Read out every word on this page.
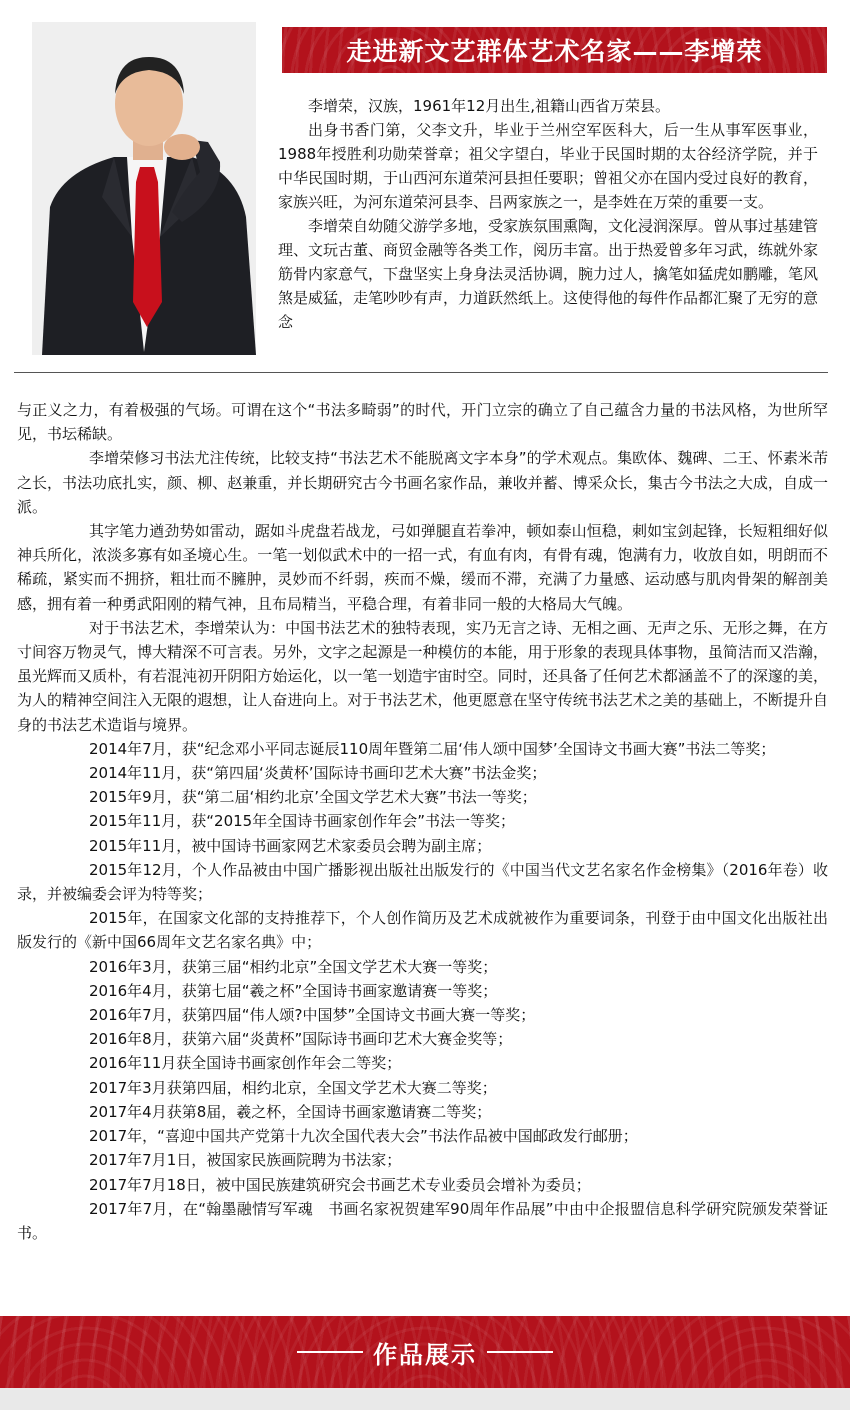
走进新文艺群体艺术名家——李增荣

李增荣，汉族，1961年12月出生,祖籍山西省万荣县。

出身书香门第，父李文升，毕业于兰州空军医科大，后一生从事军医事业，1988年授胜利功勋荣誉章；祖父字望白，毕业于民国时期的太谷经济学院，并于中华民国时期，于山西河东道荣河县担任要职；曾祖父亦在国内受过良好的教育，家族兴旺，为河东道荣河县李、吕两家族之一，是李姓在万荣的重要一支。

李增荣自幼随父游学多地，受家族氛围熏陶，文化浸润深厚。曾从事过基建管理、文玩古董、商贸金融等各类工作，阅历丰富。出于热爱曾多年习武，练就外家筋骨内家意气，下盘坚实上身身法灵活协调，腕力过人，擒笔如猛虎如鹏雕，笔风煞是威猛，走笔吵吵有声，力道跃然纸上。这使得他的每件作品都汇聚了无穷的意念

与正义之力，有着极强的气场。可谓在这个“书法多畸弱”的时代，开门立宗的确立了自己蕴含力量的书法风格，为世所罕见，书坛稀缺。

李增荣修习书法尤注传统，比较支持“书法艺术不能脱离文字本身”的学术观点。集欧体、魏碑、二王、怀素米芾之长，书法功底扎实，颜、柳、赵兼重，并长期研究古今书画名家作品，兼收并蓄、博采众长，集古今书法之大成，自成一派。

其字笔力遒劲势如雷动，踞如斗虎盘若战龙，弓如弹腿直若拳冲，顿如泰山恒稳，刺如宝剑起锋，长短粗细好似神兵所化，浓淡多寡有如圣境心生。一笔一划似武术中的一招一式，有血有肉，有骨有魂，饱满有力，收放自如，明朗而不稀疏，紧实而不拥挤，粗壮而不臃肿，灵妙而不纤弱，疾而不燥，缓而不滞，充满了力量感、运动感与肌肉骨架的解剖美感，拥有着一种勇武阳刚的精气神，且布局精当，平稳合理，有着非同一般的大格局大气魄。

对于书法艺术，李增荣认为：中国书法艺术的独特表现，实乃无言之诗、无相之画、无声之乐、无形之舞，在方寸间容万物灵气，博大精深不可言表。另外，文字之起源是一种模仿的本能，用于形象的表现具体事物，虽简洁而又浩瀚，虽光辉而又质朴，有若混沌初开阴阳方始运化，以一笔一划造宇宙时空。同时，还具备了任何艺术都涵盖不了的深邃的美，为人的精神空间注入无限的遐想，让人奋进向上。对于书法艺术，他更愿意在坚守传统书法艺术之美的基础上，不断提升自身的书法艺术造诣与境界。

2014年7月，获“纪念邓小平同志诞辰110周年暨第二届‘伟人颂中国梦’全国诗文书画大赛”书法二等奖；

2014年11月，获“第四届‘炎黄杯’国际诗书画印艺术大赛”书法金奖；

2015年9月，获“第二届‘相约北京’全国文学艺术大赛”书法一等奖；

2015年11月，获“2015年全国诗书画家创作年会”书法一等奖；

2015年11月，被中国诗书画家网艺术家委员会聘为副主席；

2015年12月，个人作品被由中国广播影视出版社出版发行的《中国当代文艺名家名作金榜集》（2016年卷）收录，并被编委会评为特等奖；

2015年，在国家文化部的支持推荐下，个人创作简历及艺术成就被作为重要词条，刊登于由中国文化出版社出版发行的《新中国66周年文艺名家名典》中；

2016年3月，获第三届“相约北京”全国文学艺术大赛一等奖；

2016年4月，获第七届“羲之杯”全国诗书画家邀请赛一等奖；

2016年7月，获第四届“伟人颂?中国梦”全国诗文书画大赛一等奖；

2016年8月，获第六届“炎黄杯”国际诗书画印艺术大赛金奖等；

2016年11月获全国诗书画家创作年会二等奖；

2017年3月获第四届，相约北京，全国文学艺术大赛二等奖；

2017年4月获第8届，羲之杯，全国诗书画家邀请赛二等奖；

2017年，“喜迎中国共产党第十九次全国代表大会”书法作品被中国邮政发行邮册；

2017年7月1日，被国家民族画院聘为书法家；

2017年7月18日，被中国民族建筑研究会书画艺术专业委员会增补为委员；

2017年7月，在“翰墨融情写军魂　书画名家祝贺建军90周年作品展”中由中企报盟信息科学研究院颁发荣誉证书。

作品展示
